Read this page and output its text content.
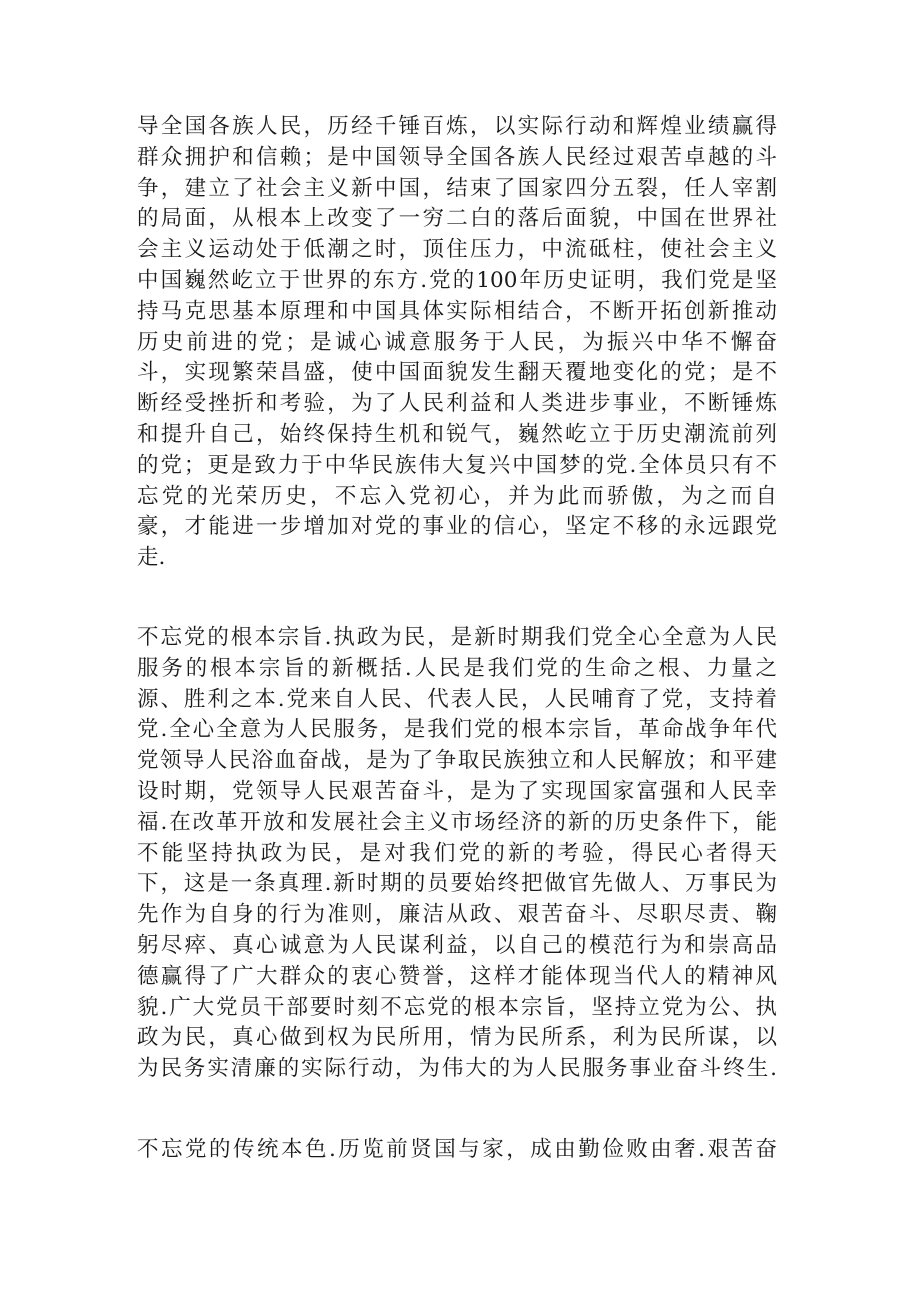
导全国各族人民，历经千锤百炼，以实际行动和辉煌业绩赢得
群众拥护和信赖；是中国领导全国各族人民经过艰苦卓越的斗
争，建立了社会主义新中国，结束了国家四分五裂，任人宰割
的局面，从根本上改变了一穷二白的落后面貌，中国在世界社
会主义运动处于低潮之时，顶住压力，中流砥柱，使社会主义
中国巍然屹立于世界的东方.党的100年历史证明，我们党是坚
持马克思基本原理和中国具体实际相结合，不断开拓创新推动
历史前进的党；是诚心诚意服务于人民，为振兴中华不懈奋
斗，实现繁荣昌盛，使中国面貌发生翻天覆地变化的党；是不
断经受挫折和考验，为了人民利益和人类进步事业，不断锤炼
和提升自己，始终保持生机和锐气，巍然屹立于历史潮流前列
的党；更是致力于中华民族伟大复兴中国梦的党.全体员只有不
忘党的光荣历史，不忘入党初心，并为此而骄傲，为之而自
豪，才能进一步增加对党的事业的信心，坚定不移的永远跟党
走.
不忘党的根本宗旨.执政为民，是新时期我们党全心全意为人民
服务的根本宗旨的新概括.人民是我们党的生命之根、力量之
源、胜利之本.党来自人民、代表人民，人民哺育了党，支持着
党.全心全意为人民服务，是我们党的根本宗旨，革命战争年代
党领导人民浴血奋战，是为了争取民族独立和人民解放；和平建
设时期，党领导人民艰苦奋斗，是为了实现国家富强和人民幸
福.在改革开放和发展社会主义市场经济的新的历史条件下，能
不能坚持执政为民，是对我们党的新的考验，得民心者得天
下，这是一条真理.新时期的员要始终把做官先做人、万事民为
先作为自身的行为准则，廉洁从政、艰苦奋斗、尽职尽责、鞠
躬尽瘁、真心诚意为人民谋利益，以自己的模范行为和崇高品
德赢得了广大群众的衷心赞誉，这样才能体现当代人的精神风
貌.广大党员干部要时刻不忘党的根本宗旨，坚持立党为公、执
政为民，真心做到权为民所用，情为民所系，利为民所谋，以
为民务实清廉的实际行动，为伟大的为人民服务事业奋斗终生.
不忘党的传统本色.历览前贤国与家，成由勤俭败由奢.艰苦奋
